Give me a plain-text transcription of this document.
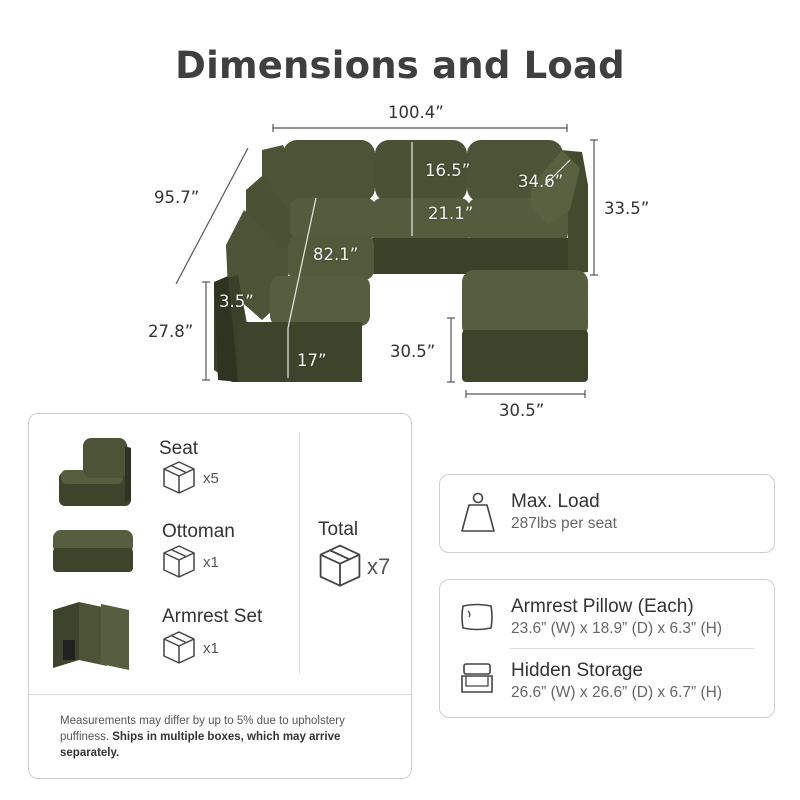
Dimensions and Load
100.4”
95.7”
16.5”
21.1”
34.6”
33.5”
82.1”
3.5”
27.8”
17”	30.5”
30.5”
Seat
x5
Ottoman
x1
Armrest Set
x1
Total
x7
Measurements may differ by up to 5% due to upholstery puffiness. Ships in multiple boxes, which may arrive separately.
Max. Load
287lbs per seat
Armrest Pillow (Each)
23.6” (W) x 18.9” (D) x 6.3” (H)
Hidden Storage
26.6” (W) x 26.6” (D) x 6.7” (H)
